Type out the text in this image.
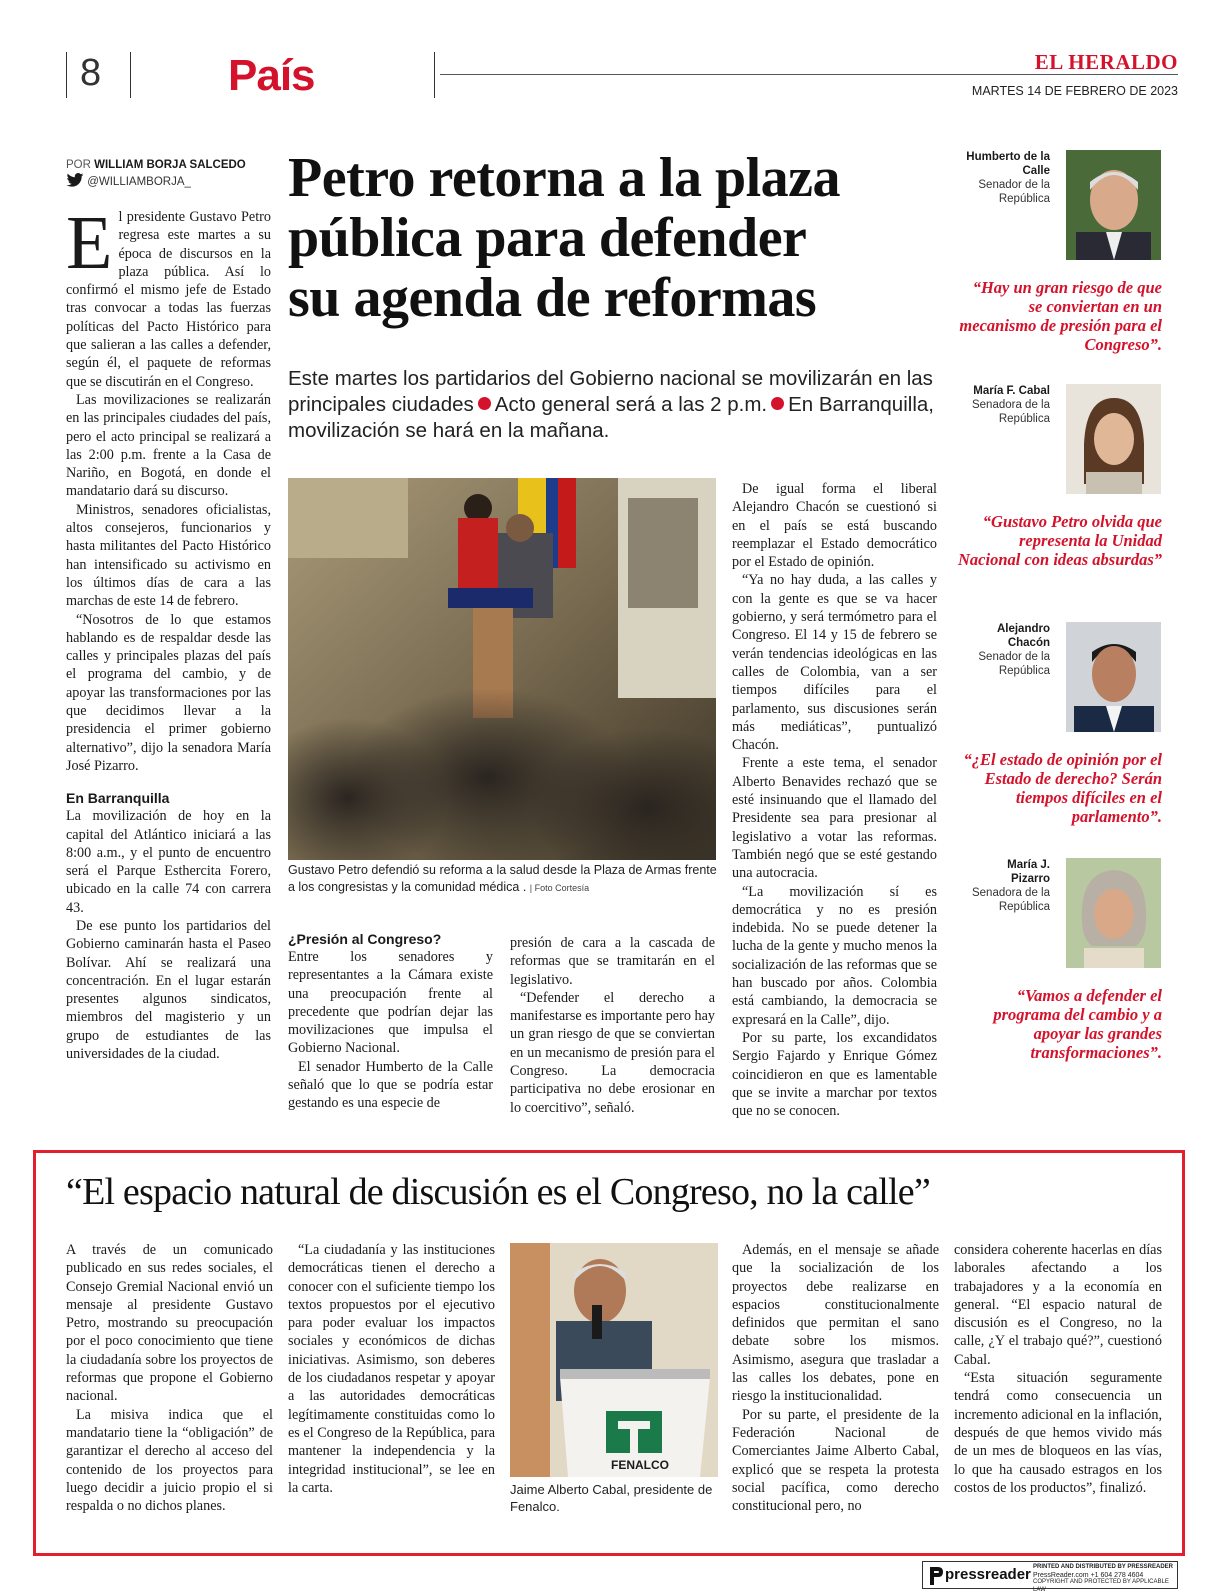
8	País	EL HERALDO
MARTES 14 DE FEBRERO DE 2023
POR WILLIAM BORJA SALCEDO
@WILLIAMBORJA_	Petro retorna a la plaza
pública para defender
su agenda de reformas
Este martes los partidarios del Gobierno nacional se movilizarán en las principales ciudades Acto general será a las 2 p.m. En Barranquilla, movilización se hará en la mañana.
E l presidente Gustavo Petro regresa este martes a su época de discursos en la plaza pública. Así lo confirmó el mismo jefe de Estado tras convocar a todas las fuerzas políticas del Pacto Histórico para que salieran a las calles a defender, según él, el paquete de reformas que se discutirán en el Congreso.

Las movilizaciones se realizarán en las principales ciudades del país, pero el acto principal se realizará a las 2:00 p.m. frente a la Casa de Nariño, en Bogotá, en donde el mandatario dará su discurso.

Ministros, senadores oficialistas, altos consejeros, funcionarios y hasta militantes del Pacto Histórico han intensificado su activismo en los últimos días de cara a las marchas de este 14 de febrero.

“Nosotros de lo que estamos hablando es de respaldar desde las calles y principales plazas del país el programa del cambio, y de apoyar las transformaciones por las que decidimos llevar a la presidencia el primer gobierno alternativo”, dijo la senadora María José Pizarro.

En Barranquilla

La movilización de hoy en la capital del Atlántico iniciará a las 8:00 a.m., y el punto de encuentro será el Parque Esthercita Forero, ubicado en la calle 74 con carrera 43.

De ese punto los partidarios del Gobierno caminarán hasta el Paseo Bolívar. Ahí se realizará una concentración. En el lugar estarán presentes algunos sindicatos, miembros del magisterio y un grupo de estudiantes de las universidades de la ciudad.

Gustavo Petro defendió su reforma a la salud desde la Plaza de Armas frente a los congresistas y la comunidad médica . | Foto Cortesía
¿Presión al Congreso?

Entre los senadores y representantes a la Cámara existe una preocupación frente al precedente que podrían dejar las movilizaciones que impulsa el Gobierno Nacional.

El senador Humberto de la Calle señaló que lo que se podría estar gestando es una especie de

presión de cara a la cascada de reformas que se tramitarán en el legislativo.

“Defender el derecho a manifestarse es importante pero hay un gran riesgo de que se conviertan en un mecanismo de presión para el Congreso. La democracia participativa no debe erosionar en lo coercitivo”, señaló.

De igual forma el liberal Alejandro Chacón se cuestionó si en el país se está buscando reemplazar el Estado democrático por el Estado de opinión.

“Ya no hay duda, a las calles y con la gente es que se va hacer gobierno, y será termómetro para el Congreso. El 14 y 15 de febrero se verán tendencias ideológicas en las calles de Colombia, van a ser tiempos difíciles para el parlamento, sus discusiones serán más mediáticas”, puntualizó Chacón.

Frente a este tema, el senador Alberto Benavides rechazó que se esté insinuando que el llamado del Presidente sea para presionar al legislativo a votar las reformas. También negó que se esté gestando una autocracia.

“La movilización sí es democrática y no es presión indebida. No se puede detener la lucha de la gente y mucho menos la socialización de las reformas que se han buscado por años. Colombia está cambiando, la democracia se expresará en la Calle”, dijo.

Por su parte, los excandidatos Sergio Fajardo y Enrique Gómez coincidieron en que es lamentable que se invite a marchar por textos que no se conocen.

Humberto de la Calle
Senador de la República
“Hay un gran riesgo de que se conviertan en un mecanismo de presión para el Congreso”.
María F. Cabal
Senadora de la República
“Gustavo Petro olvida que representa la Unidad Nacional con ideas absurdas”
Alejandro Chacón
Senador de la República
“¿El estado de opinión por el Estado de derecho? Serán tiempos difíciles en el parlamento”.
María J. Pizarro
Senadora de la República
“Vamos a defender el programa del cambio y a apoyar las grandes transformaciones”.
“El espacio natural de discusión es el Congreso, no la calle”

A través de un comunicado publicado en sus redes sociales, el Consejo Gremial Nacional envió un mensaje al presidente Gustavo Petro, mostrando su preocupación por el poco conocimiento que tiene la ciudadanía sobre los proyectos de reformas que propone el Gobierno nacional.

La misiva indica que el mandatario tiene la “obligación” de garantizar el derecho al acceso del contenido de los proyectos para luego decidir a juicio propio el si respalda o no dichos planes.

“La ciudadanía y las instituciones democráticas tienen el derecho a conocer con el suficiente tiempo los textos propuestos por el ejecutivo para poder evaluar los impactos sociales y económicos de dichas iniciativas. Asimismo, son deberes de los ciudadanos respetar y apoyar a las autoridades democráticas legítimamente constituidas como lo es el Congreso de la República, para mantener la independencia y la integridad institucional”, se lee en la carta.

FENALCO
Jaime Alberto Cabal, presidente de Fenalco.

Además, en el mensaje se añade que la socialización de los proyectos debe realizarse en espacios constitucionalmente definidos que permitan el sano debate sobre los mismos. Asimismo, asegura que trasladar a las calles los debates, pone en riesgo la institucionalidad.

Por su parte, el presidente de la Federación Nacional de Comerciantes Jaime Alberto Cabal, explicó que se respeta la protesta social pacífica, como derecho constitucional pero, no

considera coherente hacerlas en días laborales afectando a los trabajadores y a la economía en general. “El espacio natural de discusión es el Congreso, no la calle, ¿Y el trabajo qué?”, cuestionó Cabal.

“Esta situación seguramente tendrá como consecuencia un incremento adicional en la inflación, después de que hemos vivido más de un mes de bloqueos en las vías, lo que ha causado estragos en los costos de los productos”, finalizó.

pressreader PRINTED AND DISTRIBUTED BY PRESSREADER
PressReader.com +1 604 278 4604
COPYRIGHT AND PROTECTED BY APPLICABLE LAW
